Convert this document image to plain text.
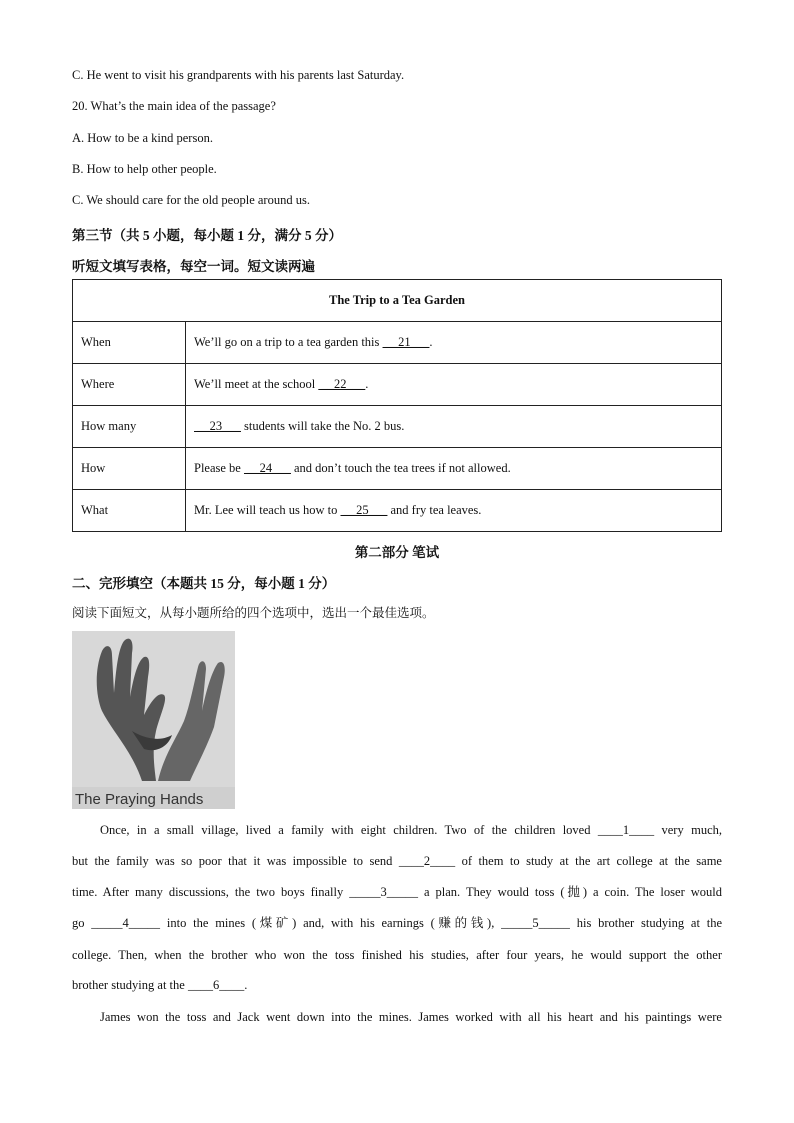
C. He went to visit his grandparents with his parents last Saturday.
20. What’s the main idea of the passage?
A. How to be a kind person.
B. How to help other people.
C. We should care for the old people around us.
第三节（共 5 小题，每小题 1 分，满分 5 分）
听短文填写表格，每空一词。短文读两遍
The Trip to a Tea Garden	
When	We’ll go on a trip to a tea garden this  __21___.
Where	We’ll meet at the school  __22___.
How many	__23___ students will take the No. 2 bus.
How	Please be  __24___ and don’t touch the tea trees if not allowed.
What	Mr. Lee will teach us how to  __25___ and fry tea leaves.
第二部分 笔试
二、完形填空（本题共 15 分，每小题 1 分）
阅读下面短文，从每小题所给的四个选项中，选出一个最佳选项。
The Praying Hands
Once, in a small village, lived a family with eight children. Two of the children loved ____1____ very much,
but the family was so poor that it was impossible to send ____2____ of them to study at the art college at the same
time. After many discussions, the two boys finally _____3_____ a plan. They would toss (抛) a coin. The loser would
go _____4_____ into the mines (煤矿) and, with his earnings (赚的钱), _____5_____ his brother studying at the
college. Then, when the brother who won the toss finished his studies, after four years, he would support the other
brother studying at the ____6____.
James won the toss and Jack went down into the mines. James worked with all his heart and his paintings were
